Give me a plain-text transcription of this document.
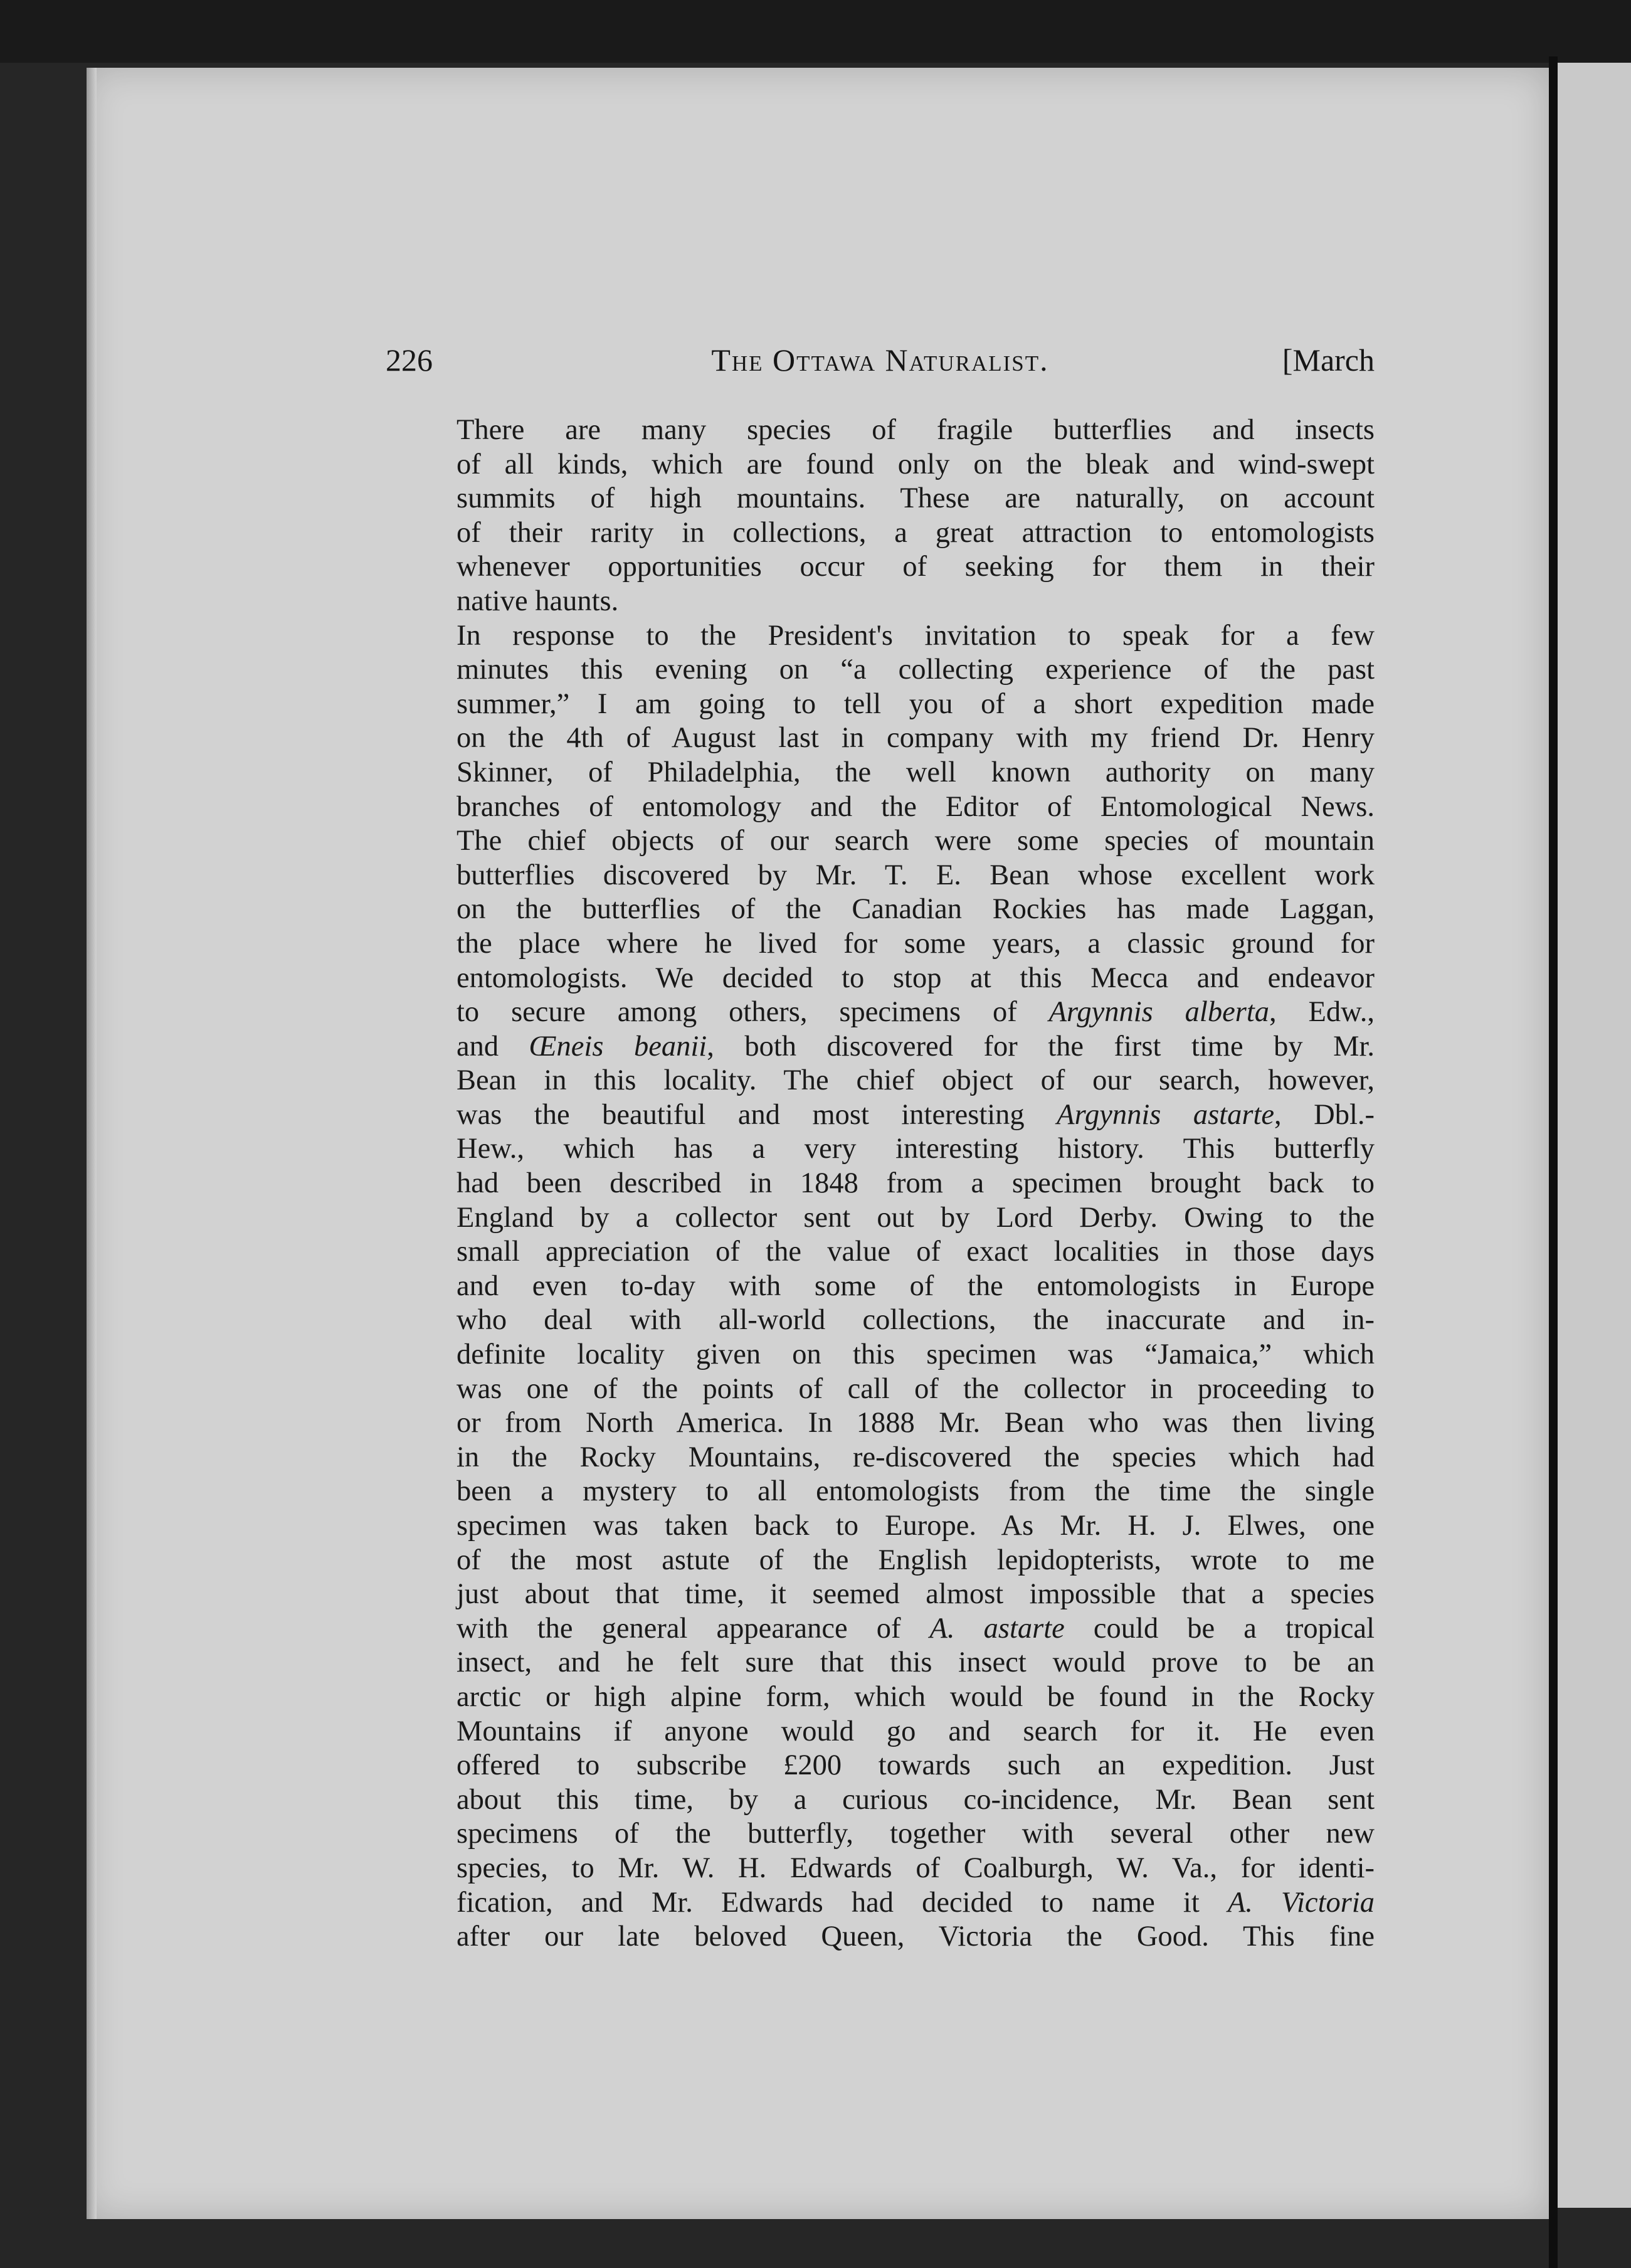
226	The Ottawa Naturalist.	[March
There are many species of fragile butterflies and insects
of all kinds, which are found only on the bleak and wind-swept
summits of high mountains. These are naturally, on account
of their rarity in collections, a great attraction to entomologists
whenever opportunities occur of seeking for them in their
native haunts.
In response to the President's invitation to speak for a few
minutes this evening on “a collecting experience of the past
summer,” I am going to tell you of a short expedition made
on the 4th of August last in company with my friend Dr. Henry
Skinner, of Philadelphia, the well known authority on many
branches of entomology and the Editor of Entomological News.
The chief objects of our search were some species of mountain
butterflies discovered by Mr. T. E. Bean whose excellent work
on the butterflies of the Canadian Rockies has made Laggan,
the place where he lived for some years, a classic ground for
entomologists. We decided to stop at this Mecca and endeavor
to secure among others, specimens of Argynnis alberta, Edw.,
and Œneis beanii, both discovered for the first time by Mr.
Bean in this locality. The chief object of our search, however,
was the beautiful and most interesting Argynnis astarte, Dbl.-
Hew., which has a very interesting history. This butterfly
had been described in 1848 from a specimen brought back to
England by a collector sent out by Lord Derby. Owing to the
small appreciation of the value of exact localities in those days
and even to-day with some of the entomologists in Europe
who deal with all-world collections, the inaccurate and in-
definite locality given on this specimen was “Jamaica,” which
was one of the points of call of the collector in proceeding to
or from North America. In 1888 Mr. Bean who was then living
in the Rocky Mountains, re-discovered the species which had
been a mystery to all entomologists from the time the single
specimen was taken back to Europe. As Mr. H. J. Elwes, one
of the most astute of the English lepidopterists, wrote to me
just about that time, it seemed almost impossible that a species
with the general appearance of A. astarte could be a tropical
insect, and he felt sure that this insect would prove to be an
arctic or high alpine form, which would be found in the Rocky
Mountains if anyone would go and search for it. He even
offered to subscribe £200 towards such an expedition. Just
about this time, by a curious co-incidence, Mr. Bean sent
specimens of the butterfly, together with several other new
species, to Mr. W. H. Edwards of Coalburgh, W. Va., for identi-
fication, and Mr. Edwards had decided to name it A. Victoria
after our late beloved Queen, Victoria the Good. This fine
